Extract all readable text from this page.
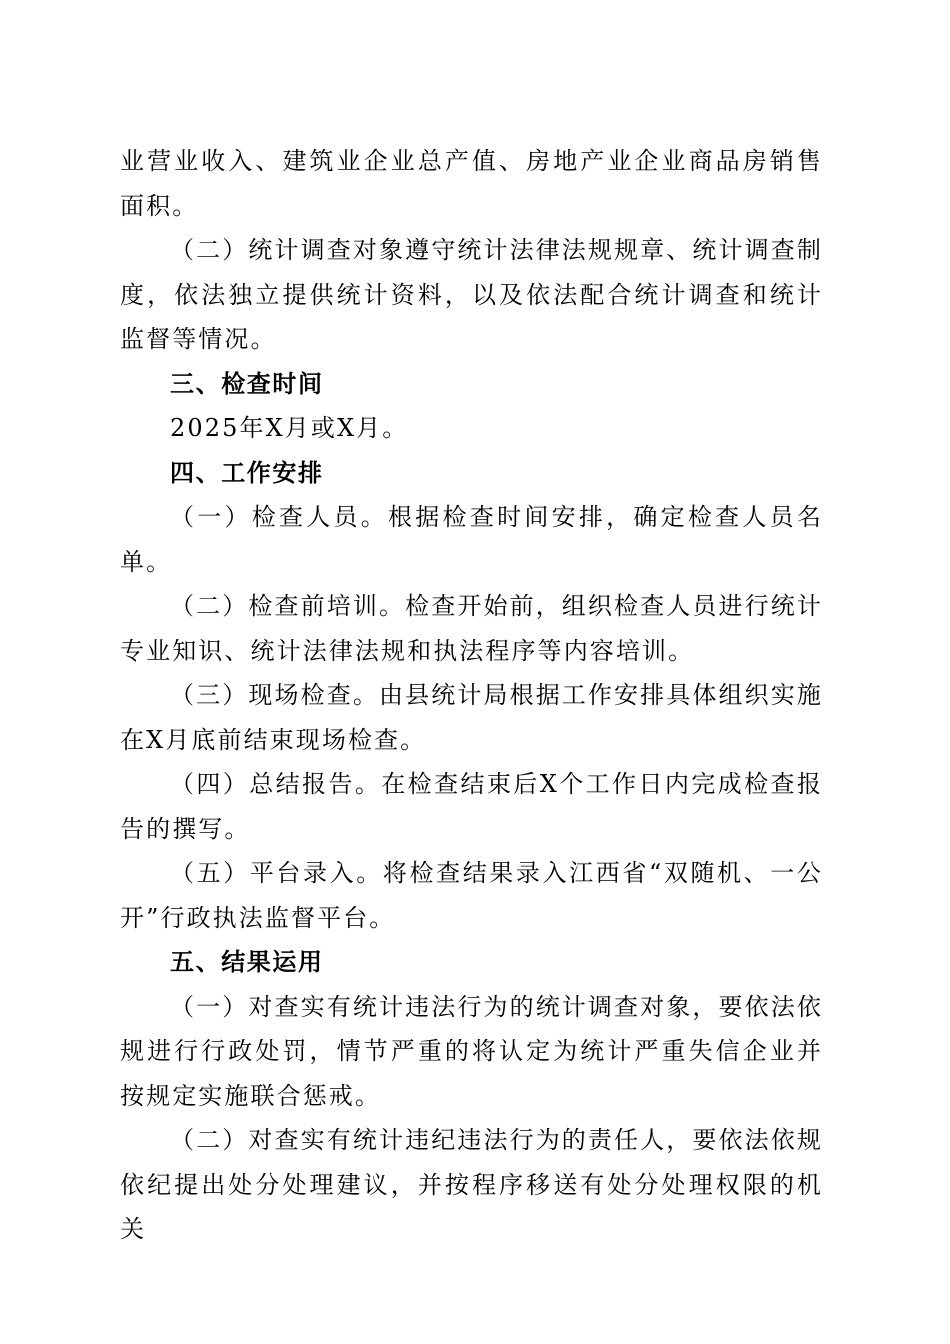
业营业收入、建筑业企业总产值、房地产业企业商品房销售面积。

（二）统计调查对象遵守统计法律法规规章、统计调查制度，依法独立提供统计资料，以及依法配合统计调查和统计监督等情况。

三、检查时间

2025年X月或X月。

四、工作安排

（一）检查人员。根据检查时间安排，确定检查人员名单。

（二）检查前培训。检查开始前，组织检查人员进行统计专业知识、统计法律法规和执法程序等内容培训。

（三）现场检查。由县统计局根据工作安排具体组织实施在X月底前结束现场检查。

（四）总结报告。在检查结束后X个工作日内完成检查报告的撰写。

（五）平台录入。将检查结果录入江西省“双随机、一公开”行政执法监督平台。

五、结果运用

（一）对查实有统计违法行为的统计调查对象，要依法依规进行行政处罚，情节严重的将认定为统计严重失信企业并按规定实施联合惩戒。

（二）对查实有统计违纪违法行为的责任人，要依法依规依纪提出处分处理建议，并按程序移送有处分处理权限的机关
